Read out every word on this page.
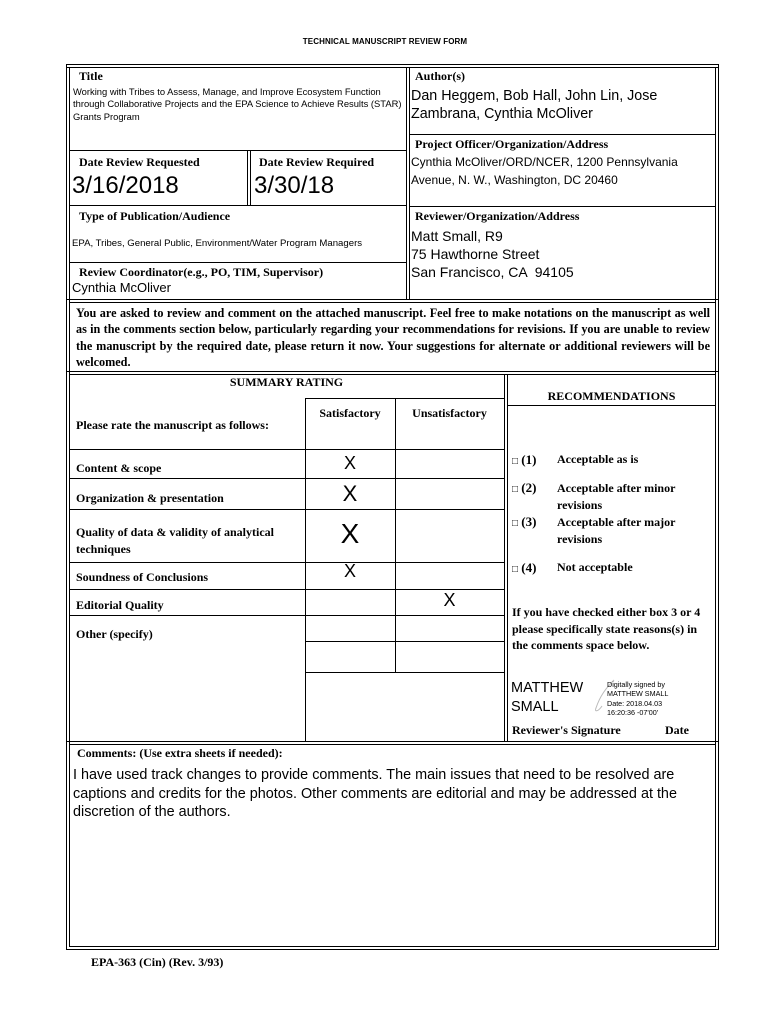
TECHNICAL MANUSCRIPT REVIEW FORM
Title
Working with Tribes to Assess, Manage, and Improve Ecosystem Function through Collaborative Projects and the EPA Science to Achieve Results (STAR) Grants Program
Author(s)
Dan Heggem, Bob Hall, John Lin, Jose Zambrana, Cynthia McOliver
Project Officer/Organization/Address
Cynthia McOliver/ORD/NCER, 1200 Pennsylvania Avenue, N. W., Washington, DC 20460
Date Review Requested
3/16/2018
Date Review Required
3/30/18
Type of Publication/Audience
EPA, Tribes, General Public, Environment/Water Program Managers
Reviewer/Organization/Address
Matt Small, R9
75 Hawthorne Street
San Francisco, CA  94105
Review Coordinator(e.g., PO, TIM, Supervisor)
Cynthia McOliver
You are asked to review and comment on the attached manuscript. Feel free to make notations on the manuscript as well as in the comments section below, particularly regarding your recommendations for revisions. If you are unable to review the manuscript by the required date, please return it now. Your suggestions for alternate or additional reviewers will be welcomed.
SUMMARY RATING
Please rate the manuscript as follows:
Satisfactory	Unsatisfactory
Content & scope
Organization & presentation
Quality of data & validity of analytical techniques
Soundness of Conclusions
Editorial Quality
Other (specify)
X
X
X
X
X
RECOMMENDATIONS
□ (1) Acceptable as is
□ (2) Acceptable after minor revisions
□ (3) Acceptable after major revisions
□ (4) Not acceptable
If you have checked either box 3 or 4 please specifically state reasons(s) in the comments space below.
MATTHEW
SMALL
Digitally signed by
MATTHEW SMALL
Date: 2018.04.03
16:20:36 -07'00'
Reviewer's Signature	Date
Comments: (Use extra sheets if needed):
I have used track changes to provide comments. The main issues that need to be resolved are captions and credits for the photos. Other comments are editorial and may be addressed at the discretion of the authors.
EPA-363 (Cin) (Rev. 3/93)
